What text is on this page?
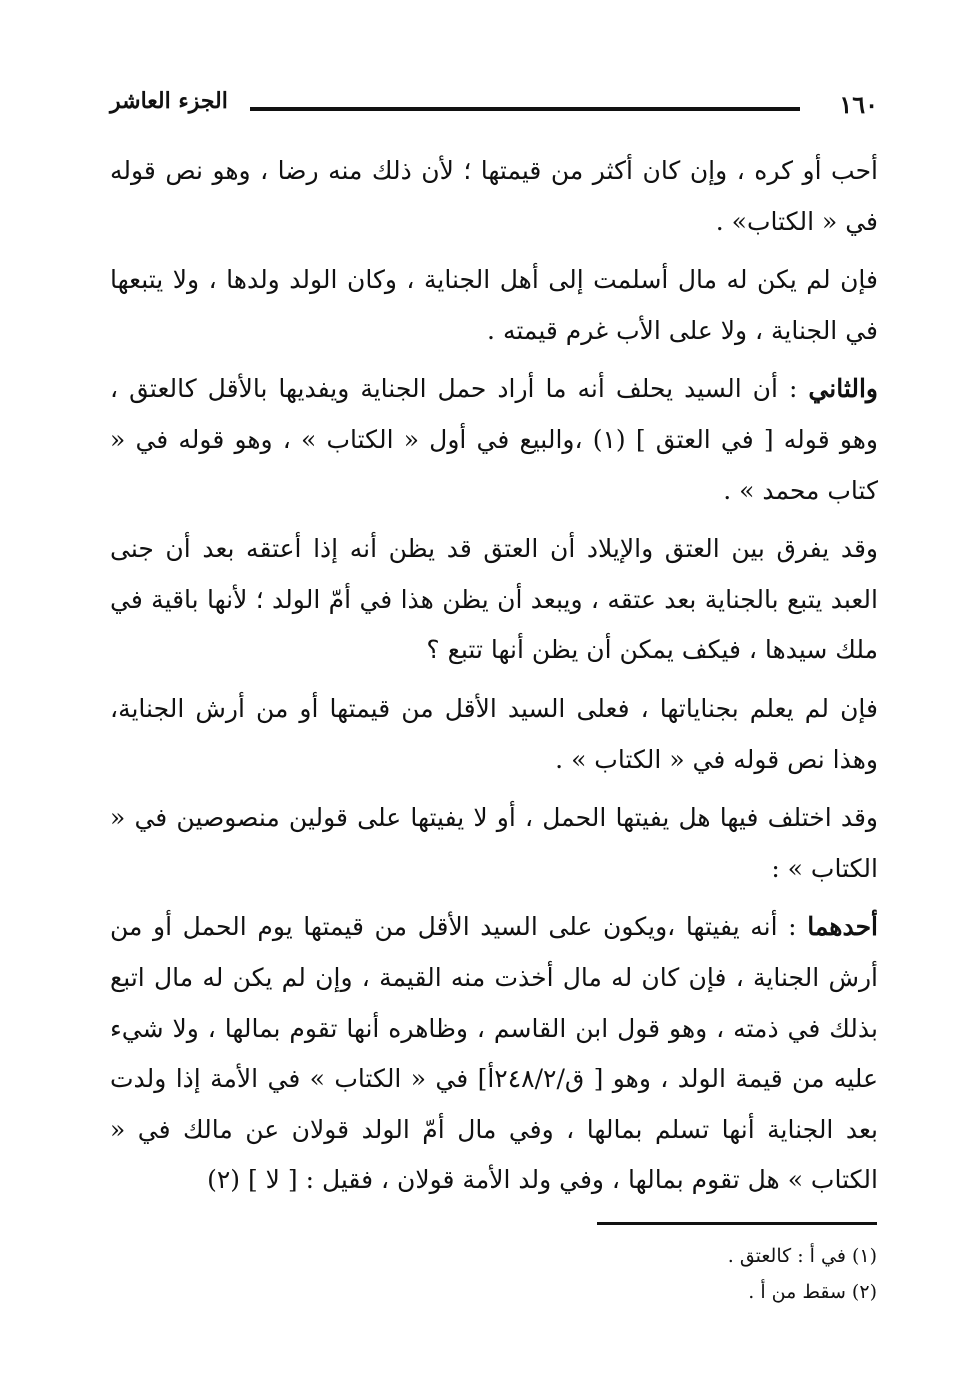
١٦٠
الجزء العاشر

أحب أو كره ، وإن كان أكثر من قيمتها ؛ لأن ذلك منه رضا ، وهو نص قوله في « الكتاب» .

فإن لم يكن له مال أسلمت إلى أهل الجناية ، وكان الولد ولدها ، ولا يتبعها في الجناية ، ولا على الأب غرم قيمته .

والثاني : أن السيد يحلف أنه ما أراد حمل الجناية ويفديها بالأقل كالعتق ، وهو قوله [ في العتق ] (١) ،والبيع في أول « الكتاب » ، وهو قوله في « كتاب محمد » .

وقد يفرق بين العتق والإيلاد أن العتق قد يظن أنه إذا أعتقه بعد أن جنى العبد يتبع بالجناية بعد عتقه ، ويبعد أن يظن هذا في أمّ الولد ؛ لأنها باقية في ملك سيدها ، فيكف يمكن أن يظن أنها تتبع ؟

فإن لم يعلم بجناياتها ، فعلى السيد الأقل من قيمتها أو من أرش الجناية، وهذا نص قوله في « الكتاب » .

وقد اختلف فيها هل يفيتها الحمل ، أو لا يفيتها على قولين منصوصين في « الكتاب » :

أحدهما : أنه يفيتها ،ويكون على السيد الأقل من قيمتها يوم الحمل أو من أرش الجناية ، فإن كان له مال أخذت منه القيمة ، وإن لم يكن له مال اتبع بذلك في ذمته ، وهو قول ابن القاسم ، وظاهره أنها تقوم بمالها ، ولا شيء عليه من قيمة الولد ، وهو [ ق/٢٤٨/٢أ] في « الكتاب » في الأمة إذا ولدت بعد الجناية أنها تسلم بمالها ، وفي مال أمّ الولد قولان عن مالك في « الكتاب » هل تقوم بمالها ، وفي ولد الأمة قولان ، فقيل : [ لا ] (٢)

(١) في أ : كالعتق .

(٢) سقط من أ .
